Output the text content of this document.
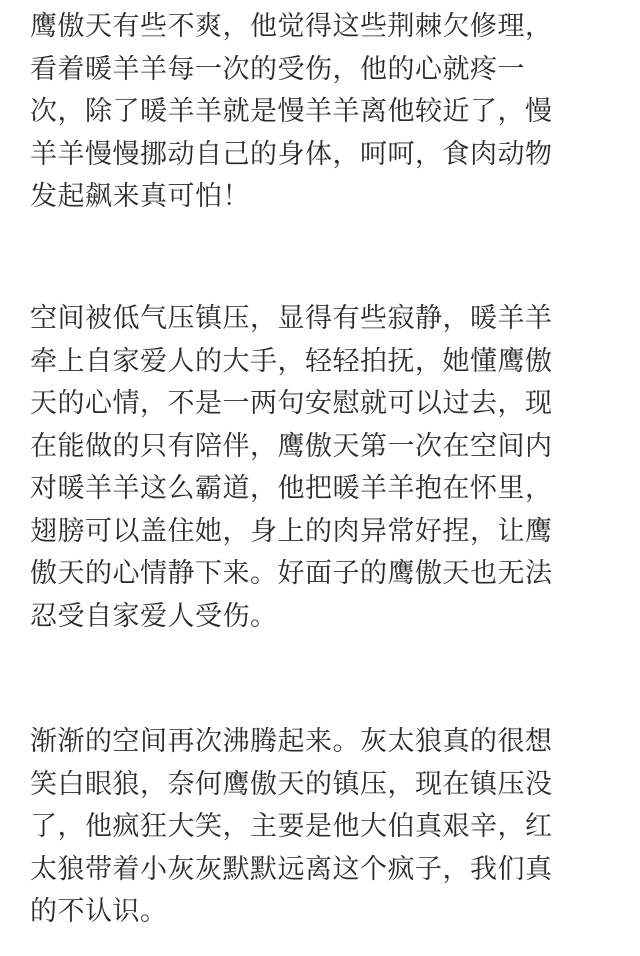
鹰傲天有些不爽，他觉得这些荆棘欠修理，
看着暖羊羊每一次的受伤，他的心就疼一
次，除了暖羊羊就是慢羊羊离他较近了，慢
羊羊慢慢挪动自己的身体，呵呵，食肉动物
发起飙来真可怕！
空间被低气压镇压，显得有些寂静，暖羊羊
牵上自家爱人的大手，轻轻拍抚，她懂鹰傲
天的心情，不是一两句安慰就可以过去，现
在能做的只有陪伴，鹰傲天第一次在空间内
对暖羊羊这么霸道，他把暖羊羊抱在怀里，
翅膀可以盖住她，身上的肉异常好捏，让鹰
傲天的心情静下来。好面子的鹰傲天也无法
忍受自家爱人受伤。
渐渐的空间再次沸腾起来。灰太狼真的很想
笑白眼狼，奈何鹰傲天的镇压，现在镇压没
了，他疯狂大笑，主要是他大伯真艰辛，红
太狼带着小灰灰默默远离这个疯子，我们真
的不认识。
